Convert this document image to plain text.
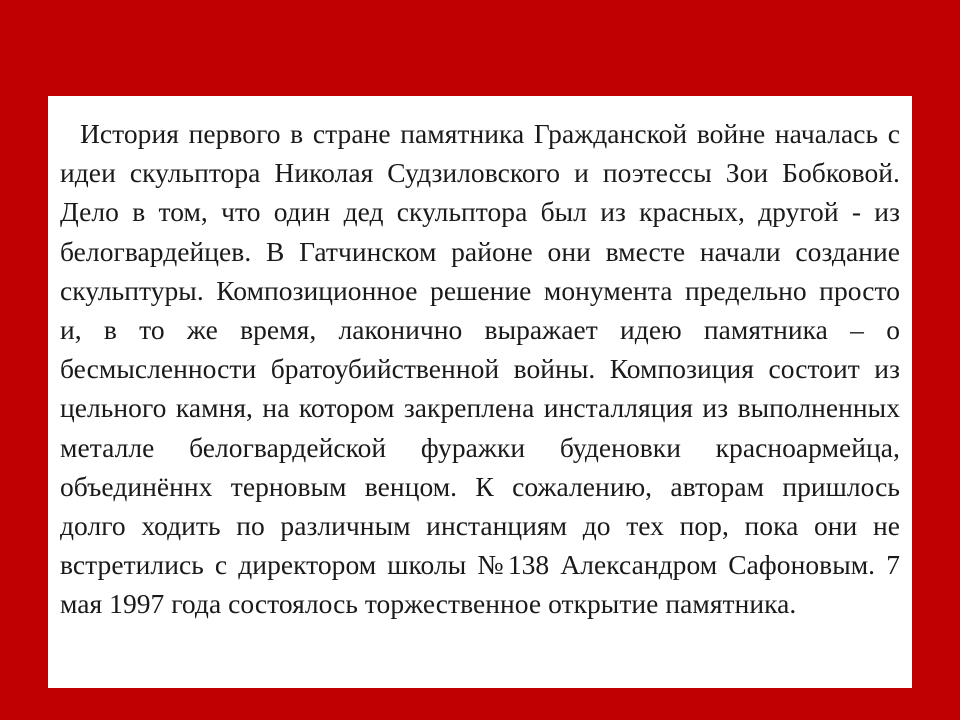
История первого в стране памятника Гражданской войне началась с идеи скульптора Николая Судзиловского и поэтессы Зои Бобковой. Дело в том, что один дед скульптора был из красных, другой - из белогвардейцев. В Гатчинском районе они вместе начали создание скульптуры. Композиционное решение монумента предельно просто и, в то же время, лаконично выражает идею памятника – о бесмысленности братоубийственной войны. Композиция состоит из цельного камня, на котором закреплена инсталляция из выполненных металле белогвардейской фуражки буденовки красноармейца, объединённх терновым венцом. К сожалению, авторам пришлось долго ходить по различным инстанциям до тех пор, пока они не встретились с директором школы №138 Александром Сафоновым. 7 мая 1997 года состоялось торжественное открытие памятника.
